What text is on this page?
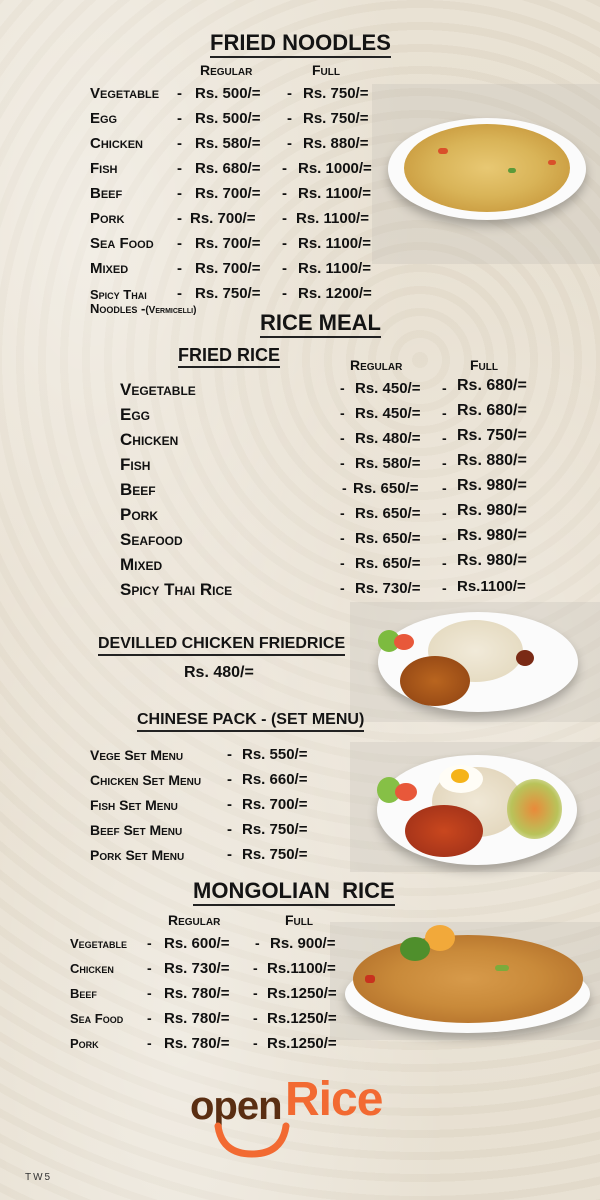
FRIED NOODLES
Regular	Full
Vegetable - Rs. 500/= - Rs. 750/=
Egg	- Rs. 500/= - Rs. 750/=
Chicken - Rs. 580/= - Rs. 880/=
Fish	- Rs. 680/= - Rs. 1000/=
Beef	- Rs. 700/= - Rs. 1100/=
Pork	- Rs. 700/= - Rs. 1100/=
Sea Food - Rs. 700/= - Rs. 1100/=
Mixed	- Rs. 700/= - Rs. 1100/=
Spicy Thai
Noodles -(Vermicelli)
- Rs. 750/= - Rs. 1200/=
RICE MEAL
FRIED RICE	Regular	Full
Vegetable	- Rs. 450/= - Rs. 680/=
Egg	- Rs. 450/= - Rs. 680/=
Chicken	- Rs. 480/= - Rs. 750/=
Fish	- Rs. 580/= - Rs. 880/=
Beef	- Rs. 650/= - Rs. 980/=
Pork	- Rs. 650/= - Rs. 980/=
Seafood	- Rs. 650/= - Rs. 980/=
Mixed	- Rs. 650/= - Rs. 980/=
Spicy Thai Rice	- Rs. 730/= - Rs.1100/=
DEVILLED CHICKEN FRIEDRICE
Rs. 480/=
CHINESE PACK - (SET MENU)
Vege Set Menu	- Rs. 550/=
Chicken Set Menu - Rs. 660/=
Fish Set Menu	- Rs. 700/=
Beef Set Menu	- Rs. 750/=
Pork Set Menu	- Rs. 750/=
MONGOLIAN  RICE
Regular	Full
Vegetable - Rs. 600/= - Rs. 900/=
Chicken - Rs. 730/= - Rs.1100/=
Beef	- Rs. 780/= - Rs.1250/=
Sea Food - Rs. 780/= - Rs.1250/=
Pork	- Rs. 780/= - Rs.1250/=
open Rice
TW5
